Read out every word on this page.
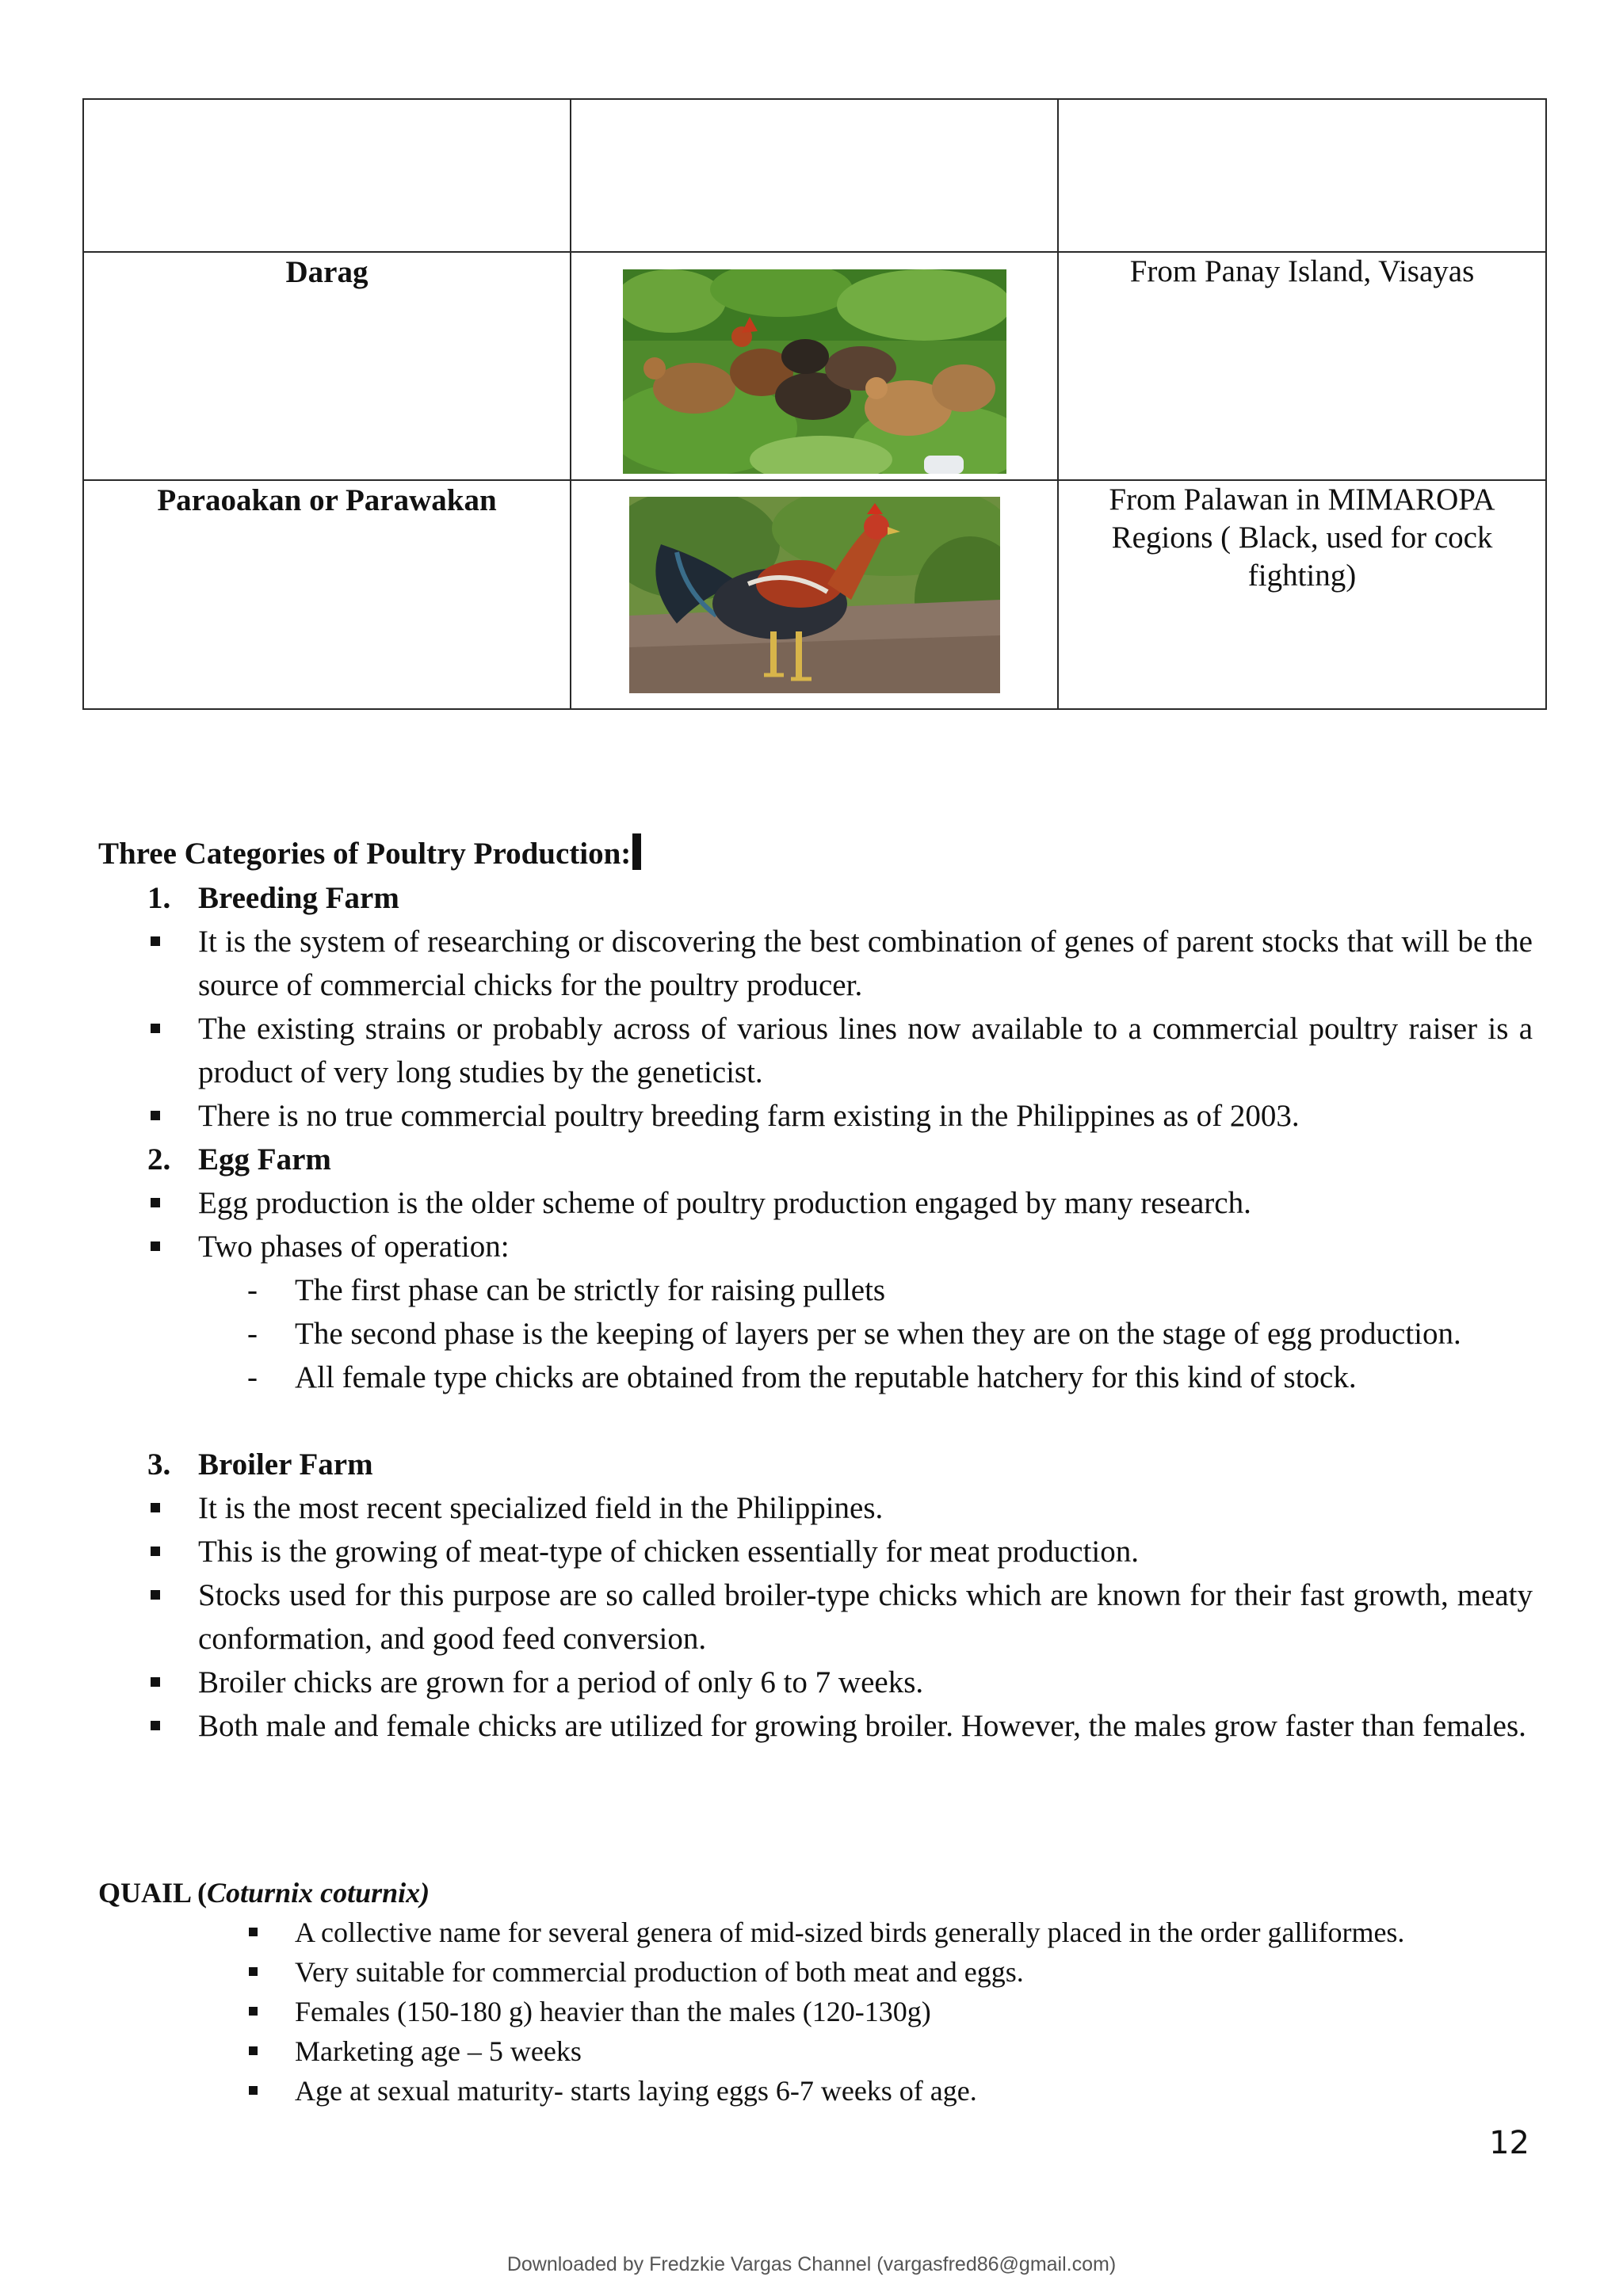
Darag		From Panay Island, Visayas
Paraoakan or Parawakan		From Palawan in MIMAROPA Regions ( Black, used for cock fighting)
Three Categories of Poultry Production:
1. Breeding Farm
It is the system of researching or discovering the best combination of genes of parent stocks that will be the source of commercial chicks for the poultry producer.
The existing strains or probably across of various lines now available to a commercial poultry raiser is a product of very long studies by the geneticist.
There is no true commercial poultry breeding farm existing in the Philippines as of 2003.
2. Egg Farm
Egg production is the older scheme of poultry production engaged by many research.
Two phases of operation:
- The first phase can be strictly for raising pullets
- The second phase is the keeping of layers per se when they are on the stage of egg production.
- All female type chicks are obtained from the reputable hatchery for this kind of stock.
3. Broiler Farm
It is the most recent specialized field in the Philippines.
This is the growing of meat-type of chicken essentially for meat production.
Stocks used for this purpose are so called broiler-type chicks which are known for their fast growth, meaty conformation, and good feed conversion.
Broiler chicks are grown for a period of only 6 to 7 weeks.
Both male and female chicks are utilized for growing broiler. However, the males grow faster than females.
QUAIL (Coturnix coturnix)
A collective name for several genera of mid-sized birds generally placed in the order galliformes.
Very suitable for commercial production of both meat and eggs.
Females (150-180 g) heavier than the males (120-130g)
Marketing age – 5 weeks
Age at sexual maturity- starts laying eggs 6-7 weeks of age.
12
Downloaded by Fredzkie Vargas Channel (vargasfred86@gmail.com)
